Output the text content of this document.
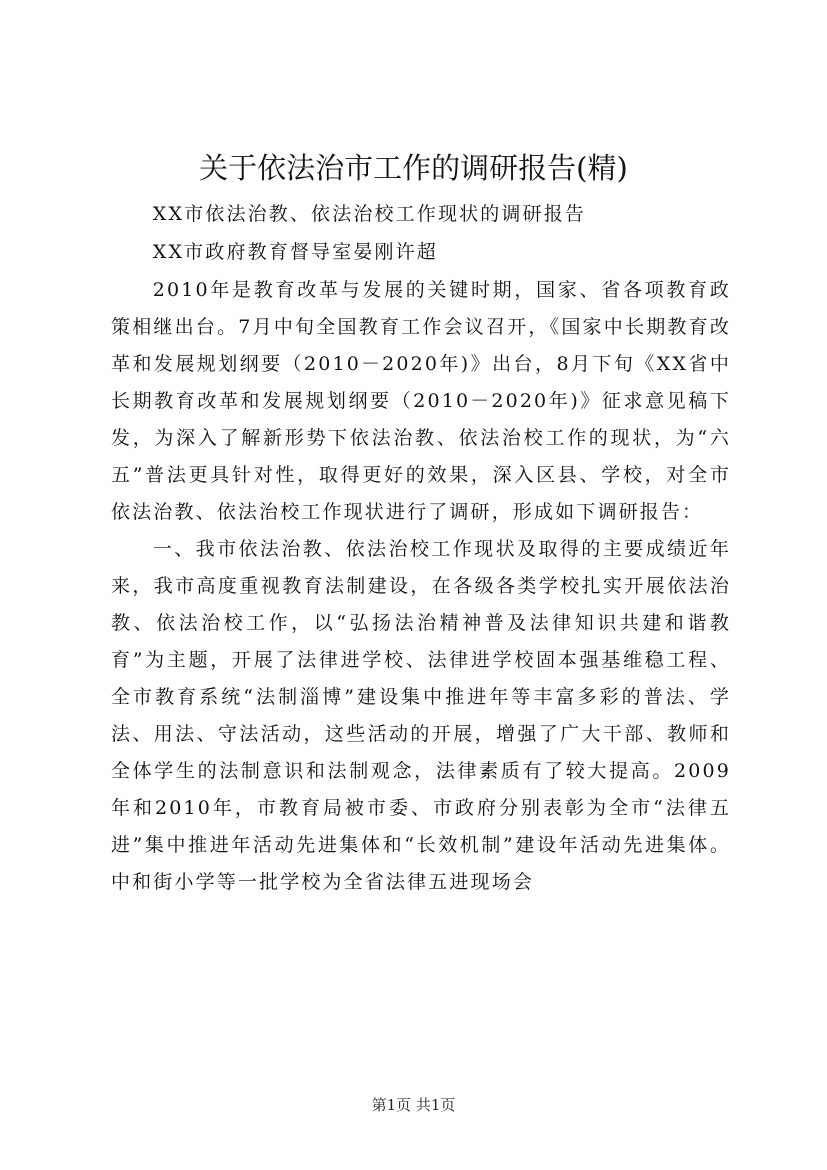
关于依法治市工作的调研报告(精)

XX市依法治教、依法治校工作现状的调研报告

XX市政府教育督导室晏刚许超

2010年是教育改革与发展的关键时期，国家、省各项教育政策相继出台。7月中旬全国教育工作会议召开，《国家中长期教育改革和发展规划纲要（2010－2020年)》出台，8月下旬《XX省中长期教育改革和发展规划纲要（2010－2020年)》征求意见稿下发，为深入了解新形势下依法治教、依法治校工作的现状，为“六五”普法更具针对性，取得更好的效果，深入区县、学校，对全市依法治教、依法治校工作现状进行了调研，形成如下调研报告：

一、我市依法治教、依法治校工作现状及取得的主要成绩近年来，我市高度重视教育法制建设，在各级各类学校扎实开展依法治教、依法治校工作，以“弘扬法治精神普及法律知识共建和谐教育”为主题，开展了法律进学校、法律进学校固本强基维稳工程、全市教育系统“法制淄博”建设集中推进年等丰富多彩的普法、学法、用法、守法活动，这些活动的开展，增强了广大干部、教师和全体学生的法制意识和法制观念，法律素质有了较大提高。2009年和2010年，市教育局被市委、市政府分别表彰为全市“法律五进”集中推进年活动先进集体和“长效机制”建设年活动先进集体。中和街小学等一批学校为全省法律五进现场会

第1页 共1页
